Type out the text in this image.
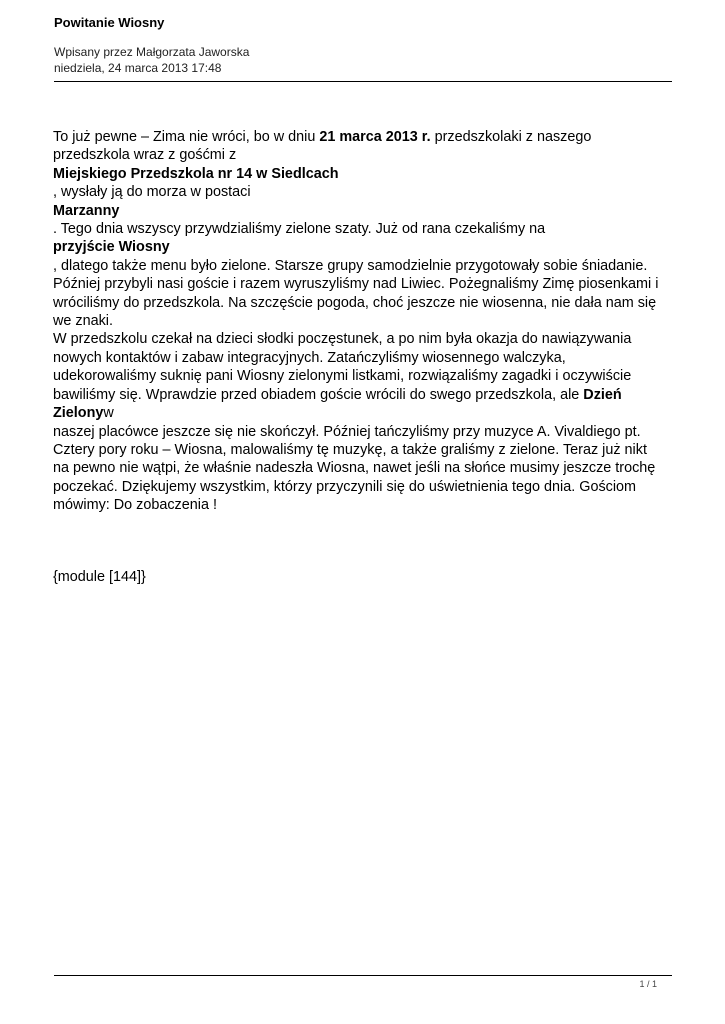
Powitanie Wiosny
Wpisany przez Małgorzata Jaworska
niedziela, 24 marca 2013 17:48
To już pewne – Zima nie wróci, bo w dniu 21 marca 2013 r. przedszkolaki z naszego
przedszkola wraz z gośćmi z
Miejskiego Przedszkola nr 14 w Siedlcach
, wysłały ją do morza w postaci
Marzanny
. Tego dnia wszyscy przywdzialiśmy zielone szaty. Już od rana czekaliśmy na
przyjście Wiosny
, dlatego także menu było zielone. Starsze grupy samodzielnie przygotowały sobie śniadanie.
Później przybyli nasi goście i razem wyruszyliśmy nad Liwiec. Pożegnaliśmy Zimę piosenkami i
wróciliśmy do przedszkola. Na szczęście pogoda, choć jeszcze nie wiosenna, nie dała nam się
we znaki.
W przedszkolu czekał na dzieci słodki poczęstunek, a po nim była okazja do nawiązywania
nowych kontaktów i zabaw integracyjnych. Zatańczyliśmy wiosennego walczyka,
udekorowaliśmy suknię pani Wiosny zielonymi listkami, rozwiązaliśmy zagadki i oczywiście
bawiliśmy się. Wprawdzie przed obiadem goście wrócili do swego przedszkola, ale Dzień
Zielonyw
naszej placówce jeszcze się nie skończył. Później tańczyliśmy przy muzyce A. Vivaldiego pt.
Cztery pory roku – Wiosna, malowaliśmy tę muzykę, a także graliśmy z zielone. Teraz już nikt
na pewno nie wątpi, że właśnie nadeszła Wiosna, nawet jeśli na słońce musimy jeszcze trochę
poczekać. Dziękujemy wszystkim, którzy przyczynili się do uświetnienia tego dnia. Gościom
mówimy: Do zobaczenia !
{module [144]}
1 / 1
